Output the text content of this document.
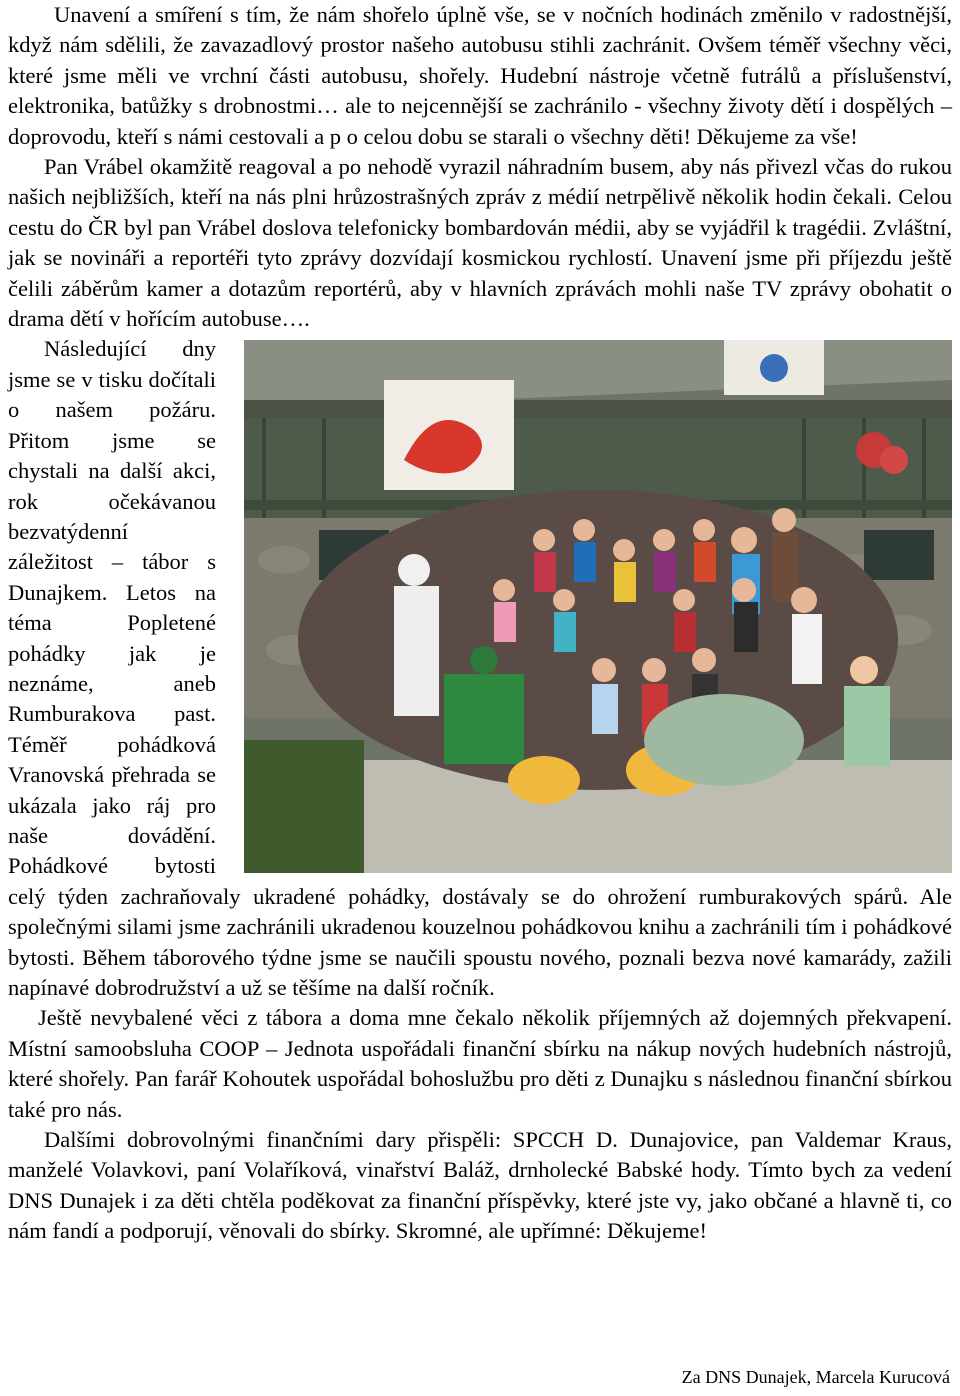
Unavení a smíření s tím, že nám shořelo úplně vše, se v nočních hodinách změnilo v radostnější, když nám sdělili, že zavazadlový prostor našeho autobusu stihli zachránit. Ovšem téměř všechny věci, které jsme měli ve vrchní části autobusu, shořely. Hudební nástroje včetně futrálů a příslušenství, elektronika, batůžky s drobnostmi… ale to nejcennější se zachránilo - všechny životy dětí i dospělých – doprovodu, kteří s námi cestovali a p o celou dobu se starali o všechny děti! Děkujeme za vše!

Pan Vrábel okamžitě reagoval a po nehodě vyrazil náhradním busem, aby nás přivezl včas do rukou našich nejbližších, kteří na nás plni hrůzostrašných zpráv z médií netrpělivě několik hodin čekali. Celou cestu do ČR byl pan Vrábel doslova telefonicky bombardován médii, aby se vyjádřil k tragédii. Zvláštní, jak se novináři a reportéři tyto zprávy dozvídají kosmickou rychlostí. Unavení jsme při příjezdu ještě čelili záběrům kamer a dotazům reportérů, aby v hlavních zprávách mohli naše TV zprávy obohatit o drama dětí v hořícím autobuse….

Následující dny jsme se v tisku dočítali o našem požáru. Přitom jsme se chystali na další akci, rok očekávanou bezvatýdenní záležitost – tábor s Dunajkem. Letos na téma Popletené pohádky jak je neznáme, aneb Rumburakova past. Téměř pohádková Vranovská přehrada se ukázala jako ráj pro naše dovádění. Pohádkové bytosti celý týden zachraňovaly ukradené pohádky, dostávaly se do ohrožení rumburakových spárů. Ale společnými silami jsme zachránili ukradenou kouzelnou pohádkovou knihu a zachránili tím i pohádkové bytosti. Během táborového týdne jsme se naučili spoustu nového, poznali bezva nové kamarády, zažili napínavé dobrodružství a už se těšíme na další ročník.

Ještě nevybalené věci z tábora a doma mne čekalo několik příjemných až dojemných překvapení. Místní samoobsluha COOP – Jednota uspořádali finanční sbírku na nákup nových hudebních nástrojů, které shořely. Pan farář Kohoutek uspořádal bohoslužbu pro děti z Dunajku s následnou finanční sbírkou také pro nás.

Dalšími dobrovolnými finančními dary přispěli: SPCCH D. Dunajovice, pan Valdemar Kraus, manželé Volavkovi, paní Volaříková, vinařství Baláž, drnholecké Babské hody. Tímto bych za vedení DNS Dunajek i za děti chtěla poděkovat za finanční příspěvky, které jste vy, jako občané a hlavně ti, co nám fandí a podporují, věnovali do sbírky. Skromné, ale upřímné: Děkujeme!

Za DNS Dunajek, Marcela Kurucová
